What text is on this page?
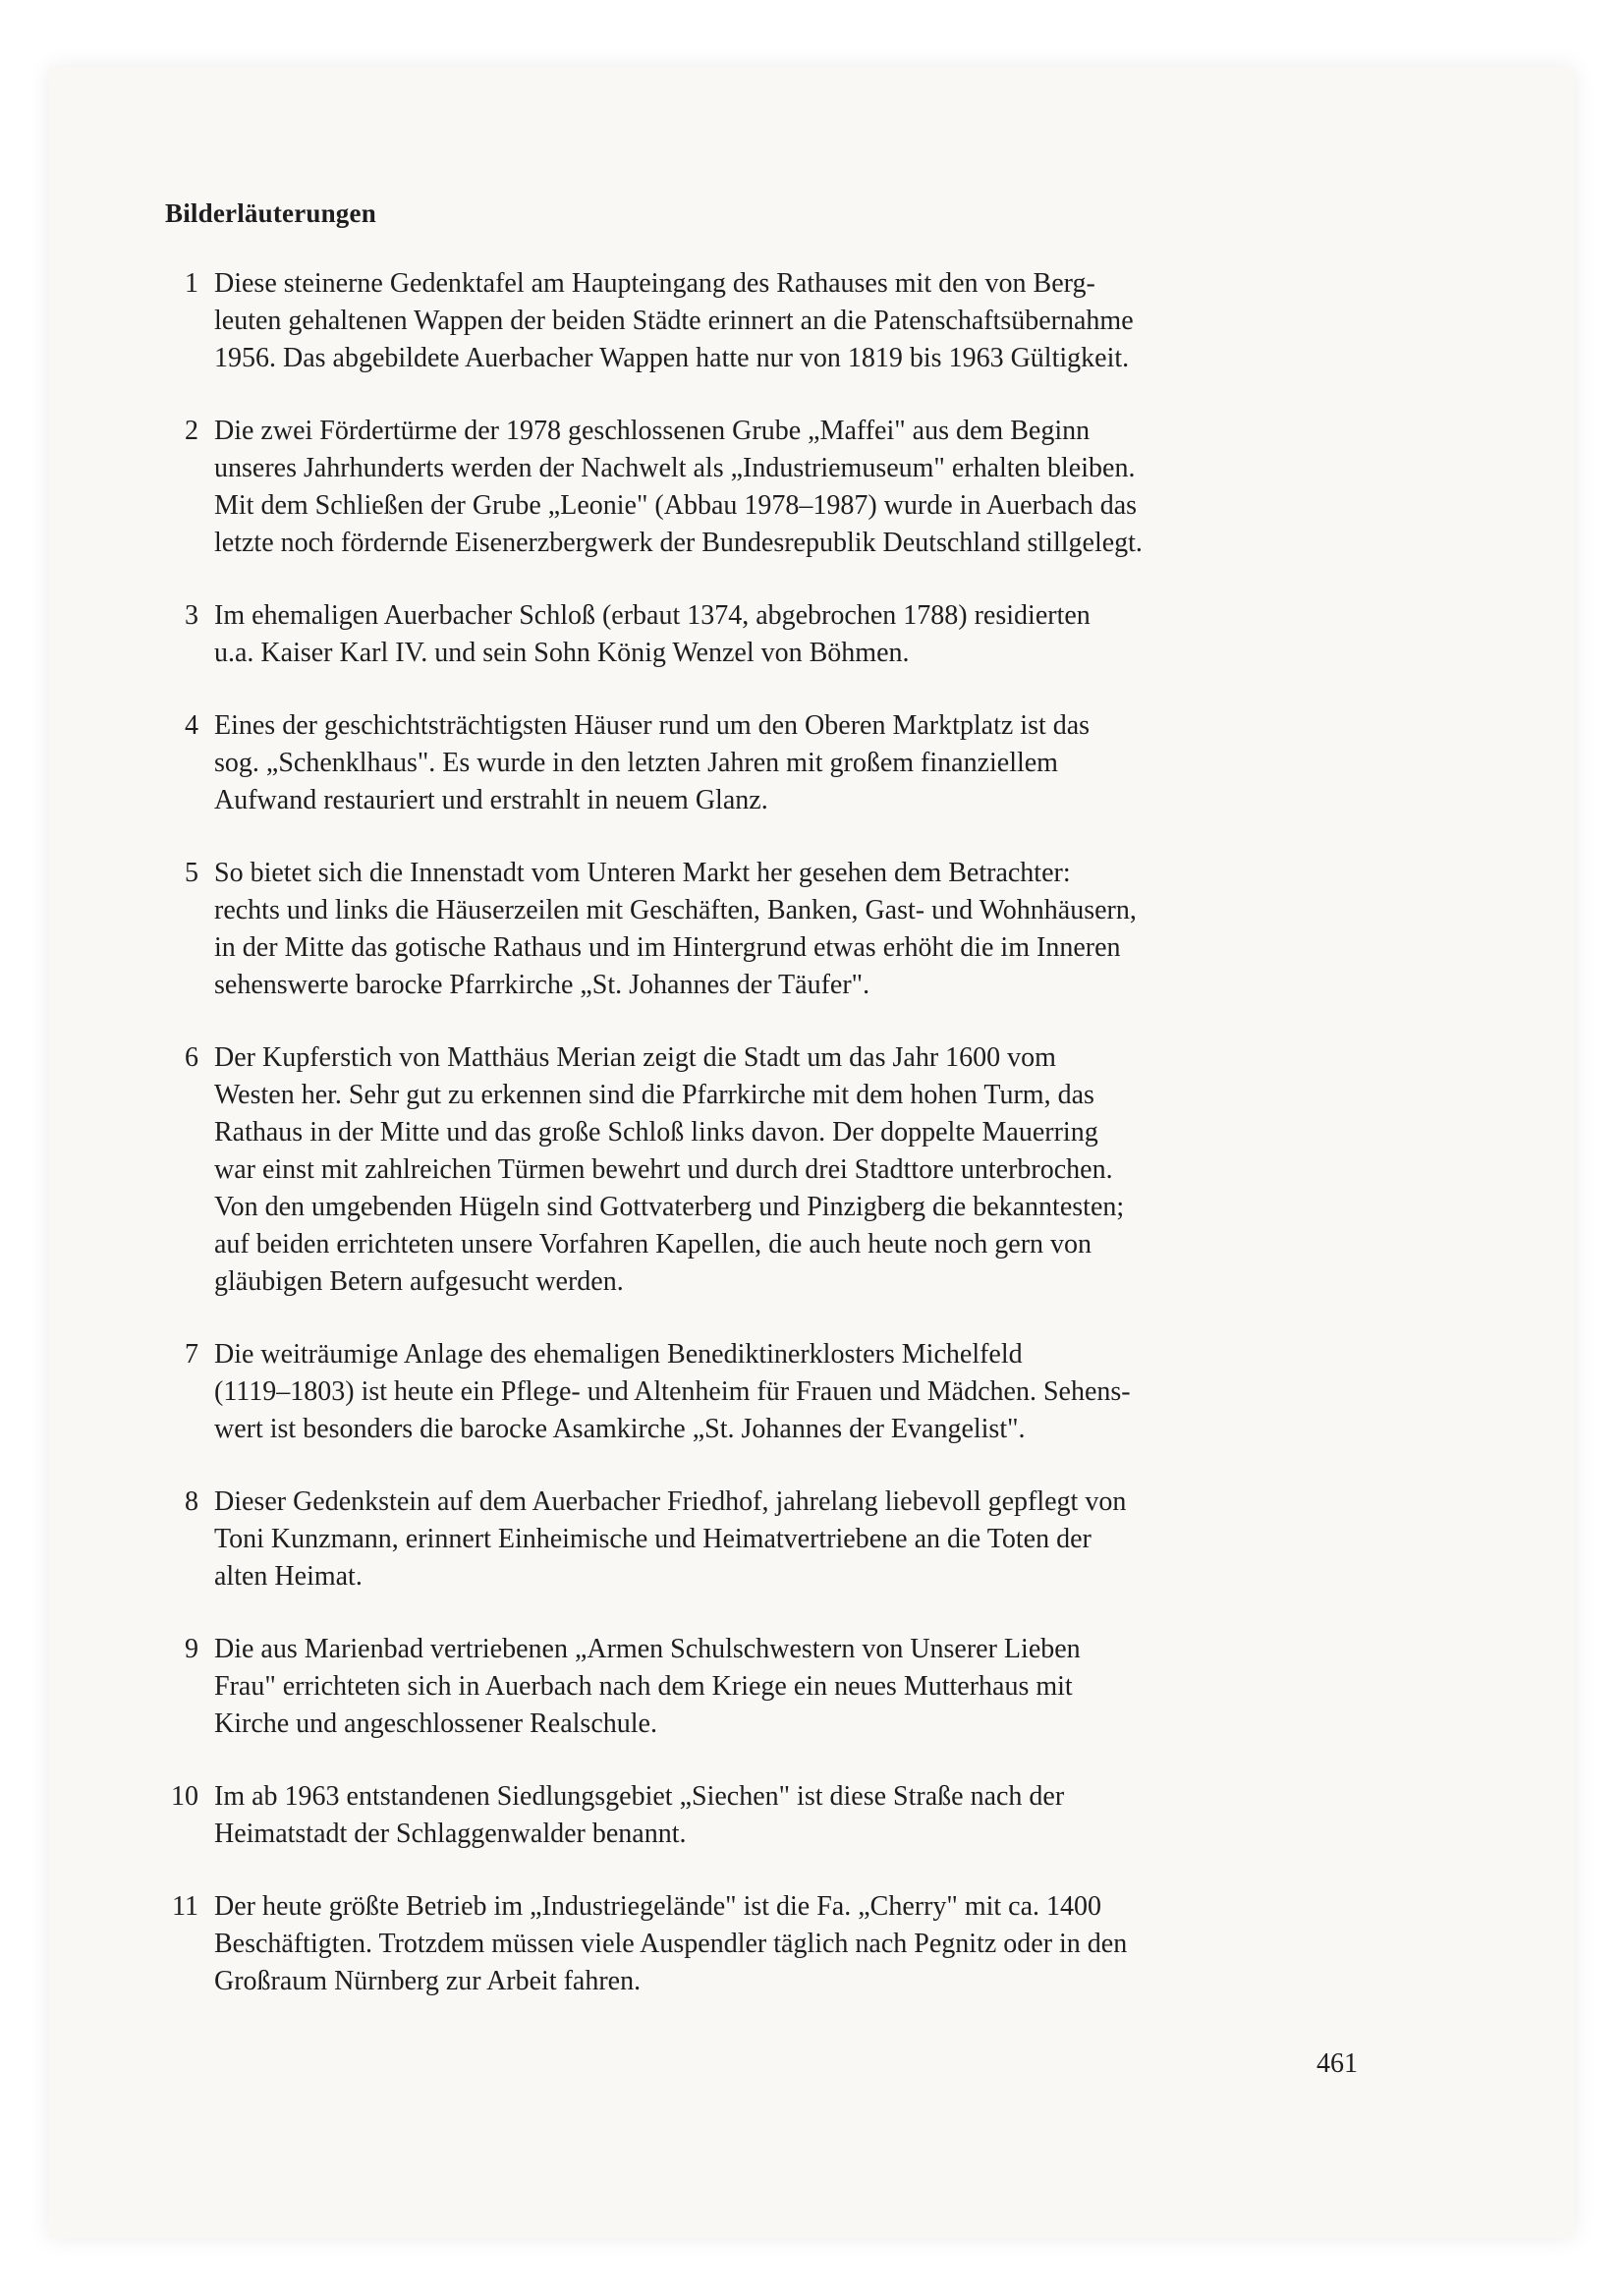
Bilderläuterungen
1 Diese steinerne Gedenktafel am Haupteingang des Rathauses mit den von Berg-
leuten gehaltenen Wappen der beiden Städte erinnert an die Patenschaftsübernahme
1956. Das abgebildete Auerbacher Wappen hatte nur von 1819 bis 1963 Gültigkeit.
2 Die zwei Fördertürme der 1978 geschlossenen Grube „Maffei" aus dem Beginn
unseres Jahrhunderts werden der Nachwelt als „Industriemuseum" erhalten bleiben.
Mit dem Schließen der Grube „Leonie" (Abbau 1978–1987) wurde in Auerbach das
letzte noch fördernde Eisenerzbergwerk der Bundesrepublik Deutschland stillgelegt.
3 Im ehemaligen Auerbacher Schloß (erbaut 1374, abgebrochen 1788) residierten
u.a. Kaiser Karl IV. und sein Sohn König Wenzel von Böhmen.
4 Eines der geschichtsträchtigsten Häuser rund um den Oberen Marktplatz ist das
sog. „Schenklhaus". Es wurde in den letzten Jahren mit großem finanziellem
Aufwand restauriert und erstrahlt in neuem Glanz.
5 So bietet sich die Innenstadt vom Unteren Markt her gesehen dem Betrachter:
rechts und links die Häuserzeilen mit Geschäften, Banken, Gast- und Wohnhäusern,
in der Mitte das gotische Rathaus und im Hintergrund etwas erhöht die im Inneren
sehenswerte barocke Pfarrkirche „St. Johannes der Täufer".
6 Der Kupferstich von Matthäus Merian zeigt die Stadt um das Jahr 1600 vom
Westen her. Sehr gut zu erkennen sind die Pfarrkirche mit dem hohen Turm, das
Rathaus in der Mitte und das große Schloß links davon. Der doppelte Mauerring
war einst mit zahlreichen Türmen bewehrt und durch drei Stadttore unterbrochen.
Von den umgebenden Hügeln sind Gottvaterberg und Pinzigberg die bekanntesten;
auf beiden errichteten unsere Vorfahren Kapellen, die auch heute noch gern von
gläubigen Betern aufgesucht werden.
7 Die weiträumige Anlage des ehemaligen Benediktinerklosters Michelfeld
(1119–1803) ist heute ein Pflege- und Altenheim für Frauen und Mädchen. Sehens-
wert ist besonders die barocke Asamkirche „St. Johannes der Evangelist".
8 Dieser Gedenkstein auf dem Auerbacher Friedhof, jahrelang liebevoll gepflegt von
Toni Kunzmann, erinnert Einheimische und Heimatvertriebene an die Toten der
alten Heimat.
9 Die aus Marienbad vertriebenen „Armen Schulschwestern von Unserer Lieben
Frau" errichteten sich in Auerbach nach dem Kriege ein neues Mutterhaus mit
Kirche und angeschlossener Realschule.
10 Im ab 1963 entstandenen Siedlungsgebiet „Siechen" ist diese Straße nach der
Heimatstadt der Schlaggenwalder benannt.
11 Der heute größte Betrieb im „Industriegelände" ist die Fa. „Cherry" mit ca. 1400
Beschäftigten. Trotzdem müssen viele Auspendler täglich nach Pegnitz oder in den
Großraum Nürnberg zur Arbeit fahren.
461
